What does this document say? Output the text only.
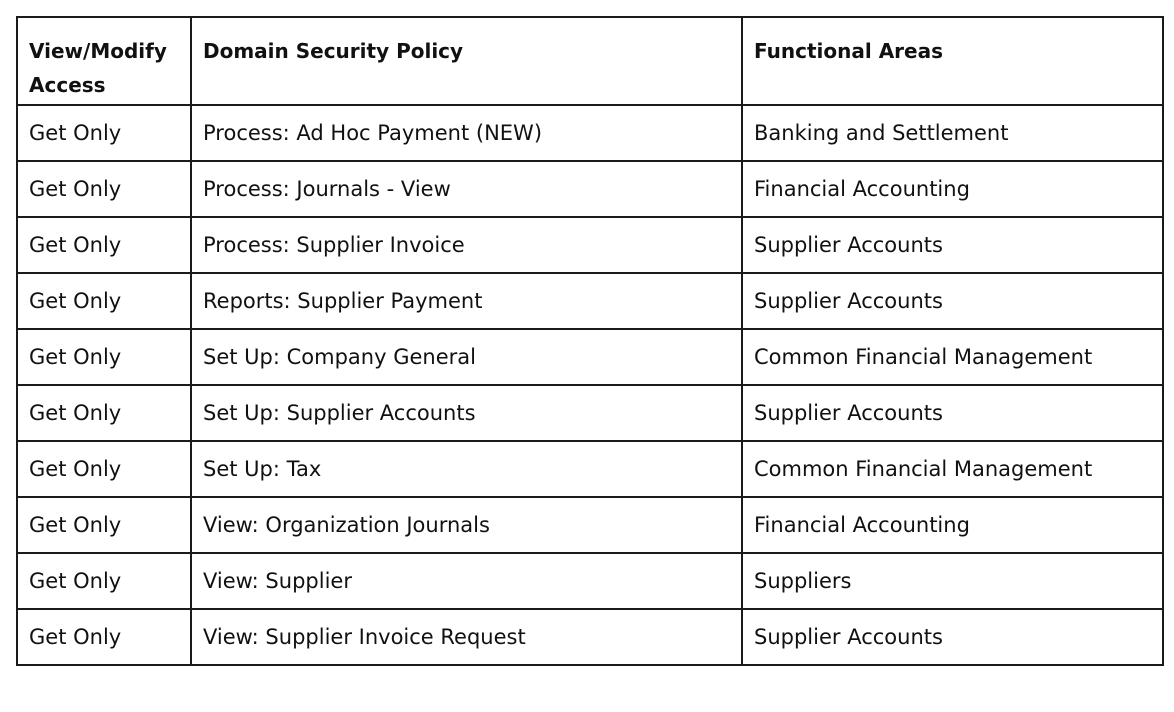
View/Modify Access	Domain Security Policy	Functional Areas
Get Only	Process: Ad Hoc Payment (NEW)	Banking and Settlement
Get Only	Process: Journals - View	Financial Accounting
Get Only	Process: Supplier Invoice	Supplier Accounts
Get Only	Reports: Supplier Payment	Supplier Accounts
Get Only	Set Up: Company General	Common Financial Management
Get Only	Set Up: Supplier Accounts	Supplier Accounts
Get Only	Set Up: Tax	Common Financial Management
Get Only	View: Organization Journals	Financial Accounting
Get Only	View: Supplier	Suppliers
Get Only	View: Supplier Invoice Request	Supplier Accounts
